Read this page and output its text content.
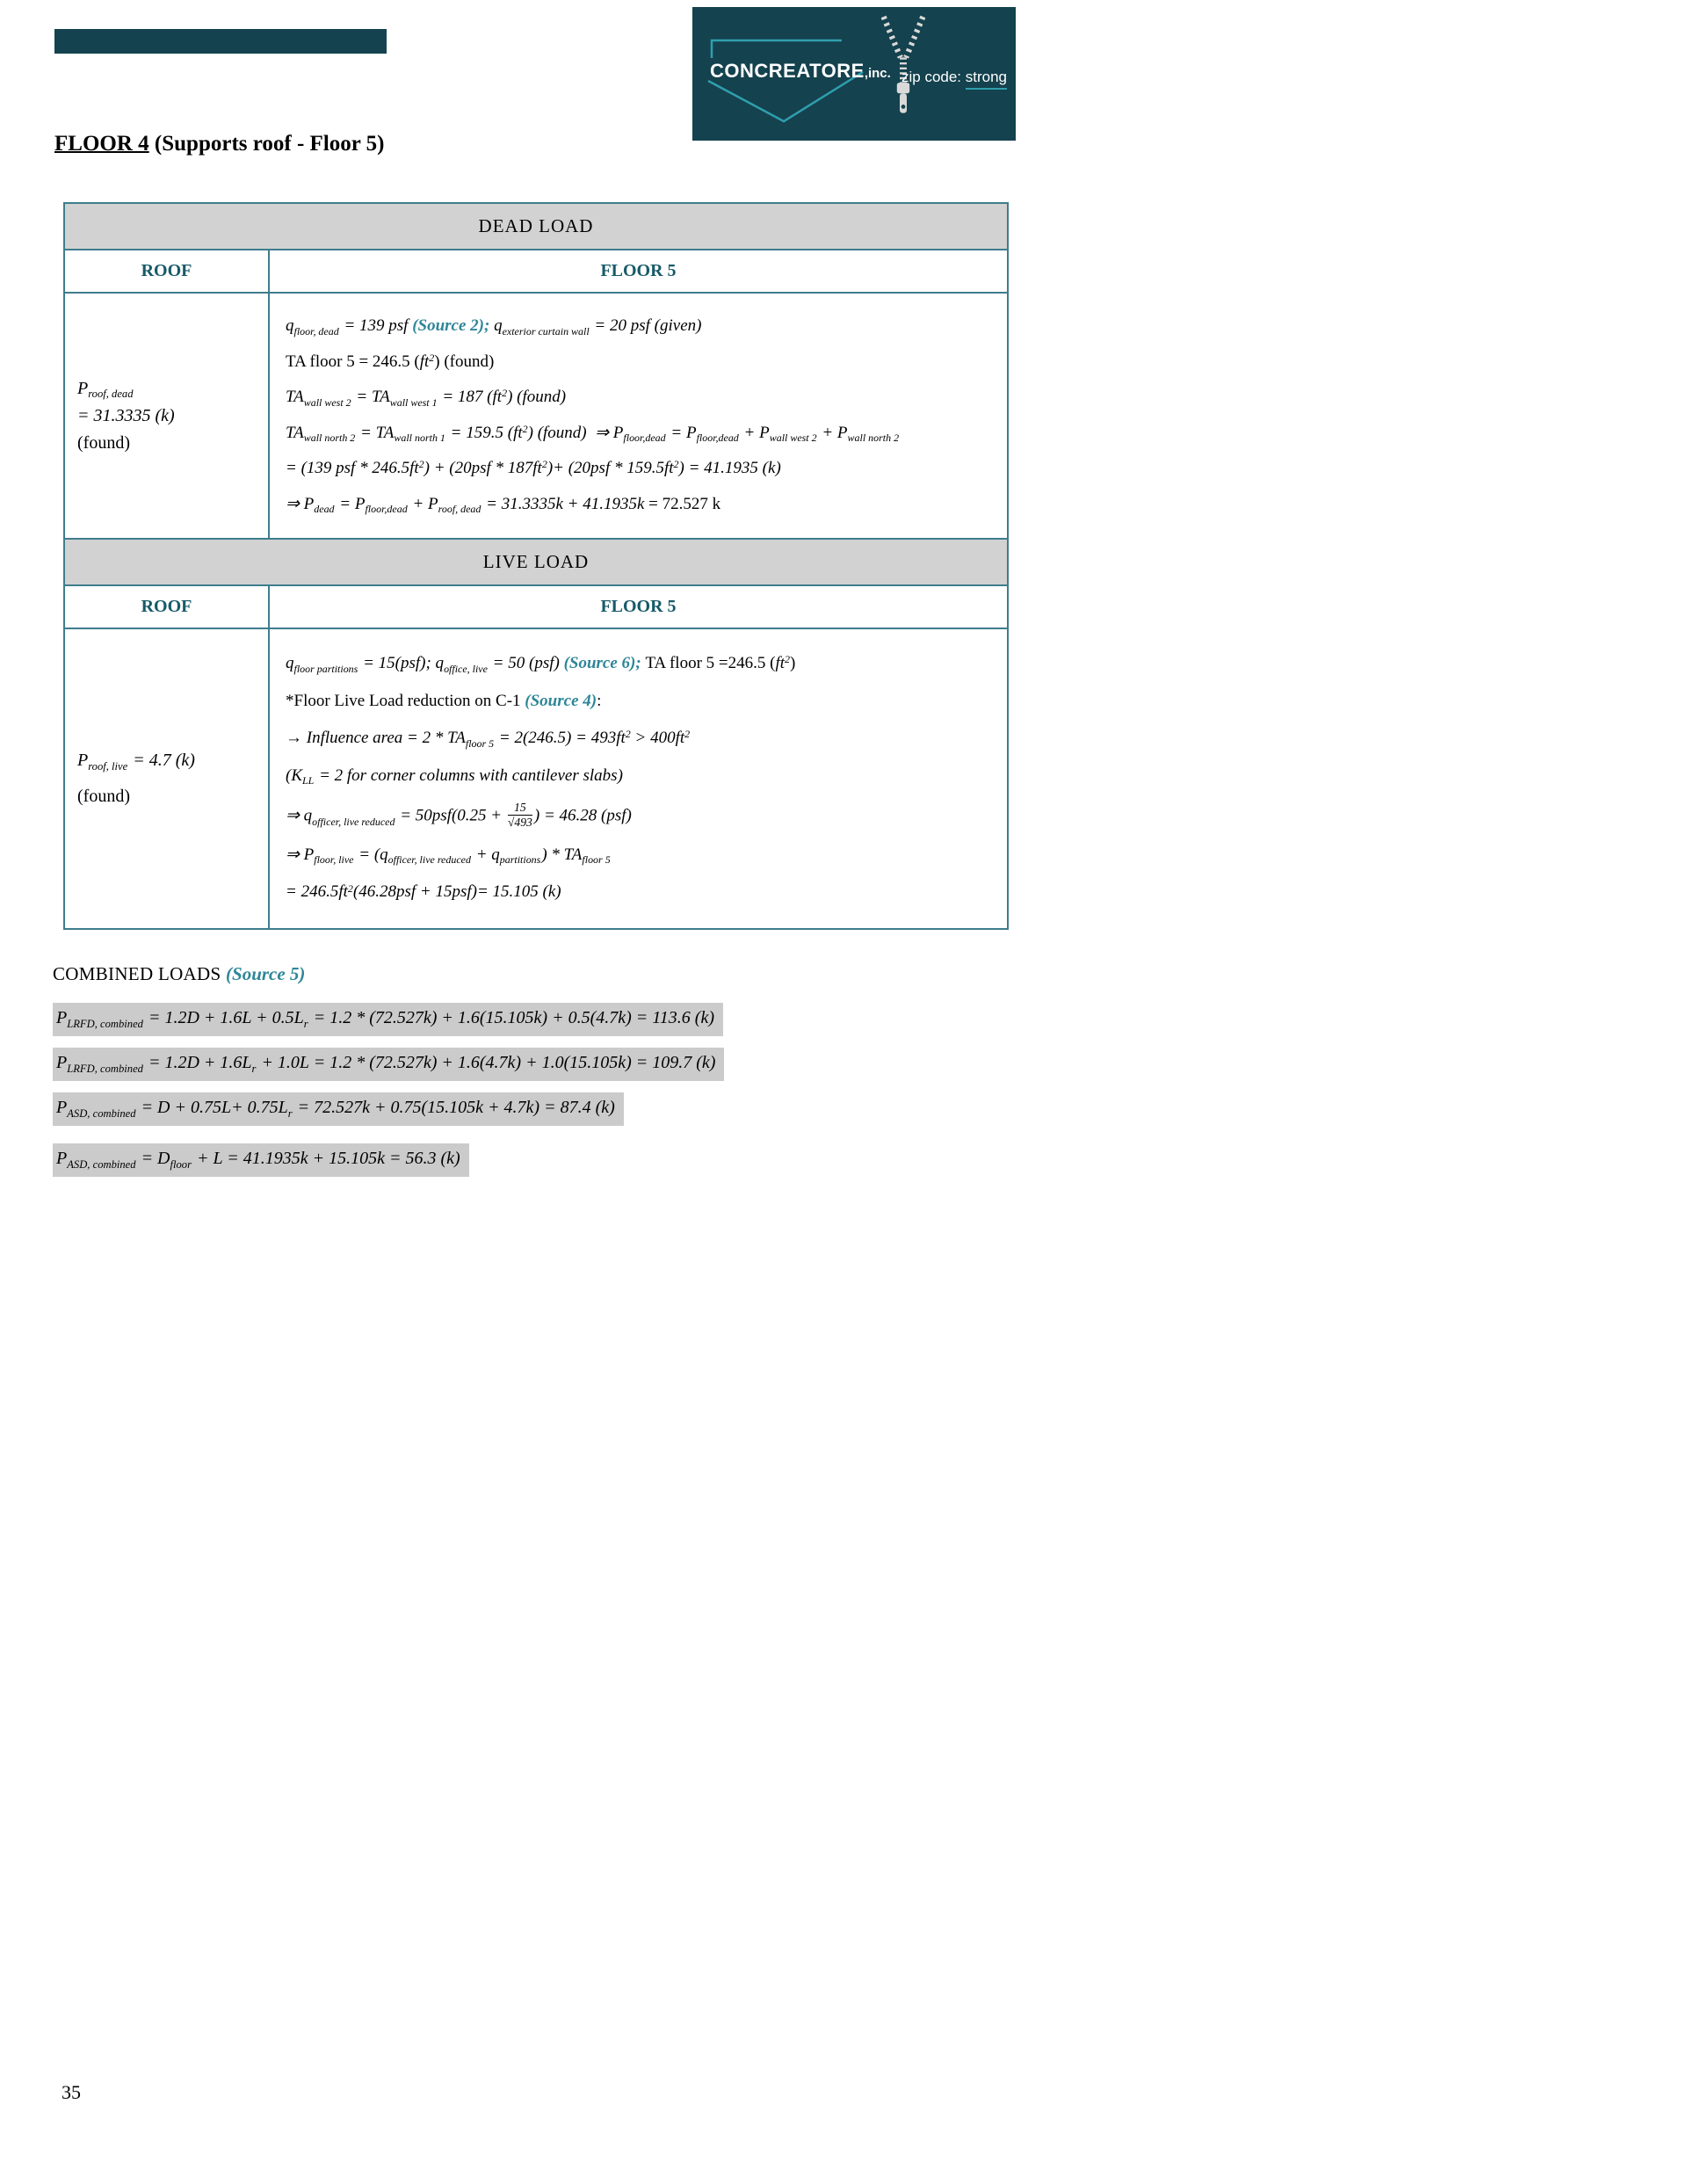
CONCREATORE,inc. zip code: strong
FLOOR 4 (Supports roof - Floor 5)
DEAD LOAD
ROOF	FLOOR 5
$P_{roof, dead}$
= 31.3335 (k)
(found)
$q_{floor, dead} = 139$ psf (Source 2); $q_{exterior curtain wall} = 20$ psf (given)
TA floor 5 = 246.5 $(ft^2)$ (found)
$TA_{wall west 2} = TA_{wall west 1} = 187$ $(ft^2)$ (found)
$TA_{wall north 2} = TA_{wall north 1} = 159.5$ $(ft^2)$ (found)  ⇒ $P_{floor,dead} = P_{floor,dead} + P_{wall west 2} + P_{wall north 2}$
= (139 psf * $246.5ft^2) + (20psf * 187ft^2)+ (20psf * 159.5ft^2) = 41.1935$ (k)
⇒ $P_{dead} = P_{floor,dead} + P_{roof, dead} = 31.3335k + 41.1935k = 72.527$ k
LIVE LOAD
ROOF	FLOOR 5
$P_{roof, live} = 4.7$ (k)
(found)
$q_{floor partitions} = 15(psf)$; $q_{office, live} = 50$ (psf) (Source 6); TA floor 5 =246.5 $(ft^2)$
*Floor Live Load reduction on C-1 (Source 4):
→ Influence area = $2 * TA_{floor 5} = 2(246.5) = 493ft^2 > 400ft^2$
($K_{LL} = 2$ for corner columns with cantilever slabs)
⇒ $q_{officer, live reduced} = 50psf(0.25 + \frac{15}{√493}$ ) = 46.28 (psf)
⇒ $P_{floor, live} = (q_{officer, live reduced} + q_{partitions}) * TA_{floor 5}$
= $246.5ft^2(46.28psf + 15psf)= 15.105$ (k)
COMBINED LOADS (Source 5)
$P_{LRFD, combined} = 1.2D + 1.6L + 0.5L_r = 1.2 * (72.527k) + 1.6(15.105k) + 0.5(4.7k) = 113.6$ (k)
$P_{LRFD, combined} = 1.2D + 1.6L_r + 1.0L = 1.2 * (72.527k) + 1.6(4.7k) + 1.0(15.105k) = 109.7$ (k)
$P_{ASD, combined} = D + 0.75L+ 0.75L_r = 72.527k + 0.75(15.105k + 4.7k) = 87.4$ (k)
$P_{ASD, combined} = D_{floor} + L = 41.1935k + 15.105k = 56.3$ (k)
35
